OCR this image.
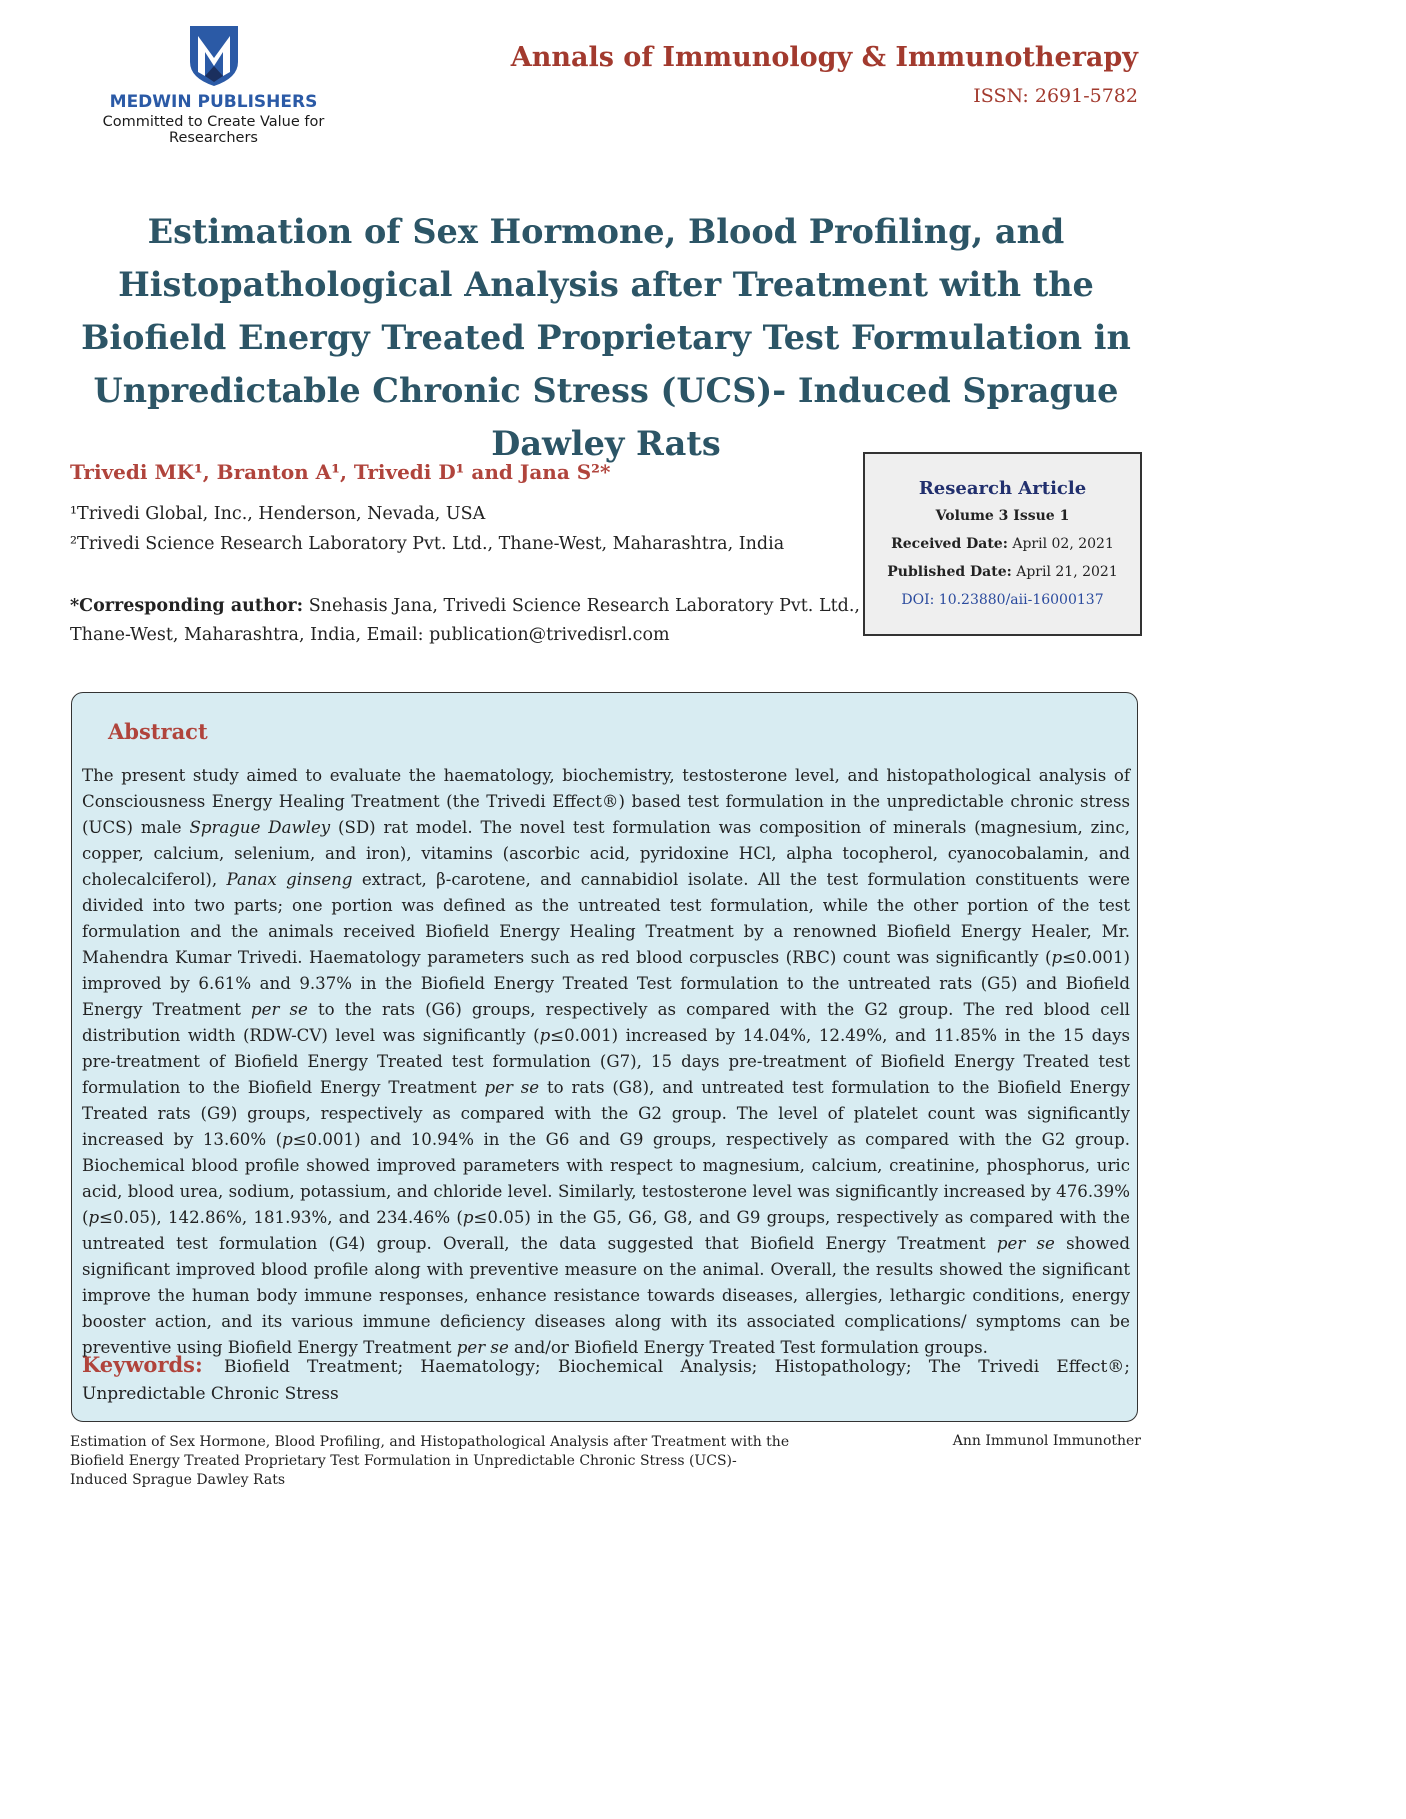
MEDWIN PUBLISHERS
Committed to Create Value for Researchers
Annals of Immunology & Immunotherapy
ISSN: 2691-5782
Estimation of Sex Hormone, Blood Profiling, and Histopathological Analysis after Treatment with the Biofield Energy Treated Proprietary Test Formulation in Unpredictable Chronic Stress (UCS)- Induced Sprague Dawley Rats
Trivedi MK¹, Branton A¹, Trivedi D¹ and Jana S²*
¹Trivedi Global, Inc., Henderson, Nevada, USA
²Trivedi Science Research Laboratory Pvt. Ltd., Thane-West, Maharashtra, India
*Corresponding author: Snehasis Jana, Trivedi Science Research Laboratory Pvt. Ltd., Thane-West, Maharashtra, India, Email: publication@trivedisrl.com
Research Article
Volume 3 Issue 1
Received Date: April 02, 2021
Published Date: April 21, 2021
DOI: 10.23880/aii-16000137
Abstract

The present study aimed to evaluate the haematology, biochemistry, testosterone level, and histopathological analysis of Consciousness Energy Healing Treatment (the Trivedi Effect®) based test formulation in the unpredictable chronic stress (UCS) male Sprague Dawley (SD) rat model. The novel test formulation was composition of minerals (magnesium, zinc, copper, calcium, selenium, and iron), vitamins (ascorbic acid, pyridoxine HCl, alpha tocopherol, cyanocobalamin, and cholecalciferol), Panax ginseng extract, β-carotene, and cannabidiol isolate. All the test formulation constituents were divided into two parts; one portion was defined as the untreated test formulation, while the other portion of the test formulation and the animals received Biofield Energy Healing Treatment by a renowned Biofield Energy Healer, Mr. Mahendra Kumar Trivedi. Haematology parameters such as red blood corpuscles (RBC) count was significantly (p≤0.001) improved by 6.61% and 9.37% in the Biofield Energy Treated Test formulation to the untreated rats (G5) and Biofield Energy Treatment per se to the rats (G6) groups, respectively as compared with the G2 group. The red blood cell distribution width (RDW-CV) level was significantly (p≤0.001) increased by 14.04%, 12.49%, and 11.85% in the 15 days pre-treatment of Biofield Energy Treated test formulation (G7), 15 days pre-treatment of Biofield Energy Treated test formulation to the Biofield Energy Treatment per se to rats (G8), and untreated test formulation to the Biofield Energy Treated rats (G9) groups, respectively as compared with the G2 group. The level of platelet count was significantly increased by 13.60% (p≤0.001) and 10.94% in the G6 and G9 groups, respectively as compared with the G2 group. Biochemical blood profile showed improved parameters with respect to magnesium, calcium, creatinine, phosphorus, uric acid, blood urea, sodium, potassium, and chloride level. Similarly, testosterone level was significantly increased by 476.39% (p≤0.05), 142.86%, 181.93%, and 234.46% (p≤0.05) in the G5, G6, G8, and G9 groups, respectively as compared with the untreated test formulation (G4) group. Overall, the data suggested that Biofield Energy Treatment per se showed significant improved blood profile along with preventive measure on the animal. Overall, the results showed the significant improve the human body immune responses, enhance resistance towards diseases, allergies, lethargic conditions, energy booster action, and its various immune deficiency diseases along with its associated complications/ symptoms can be preventive using Biofield Energy Treatment per se and/or Biofield Energy Treated Test formulation groups.

Keywords: Biofield Treatment; Haematology; Biochemical Analysis; Histopathology; The Trivedi Effect®; Unpredictable Chronic Stress

Estimation of Sex Hormone, Blood Profiling, and Histopathological Analysis after Treatment with the Biofield Energy Treated Proprietary Test Formulation in Unpredictable Chronic Stress (UCS)- Induced Sprague Dawley Rats
Ann Immunol Immunother
